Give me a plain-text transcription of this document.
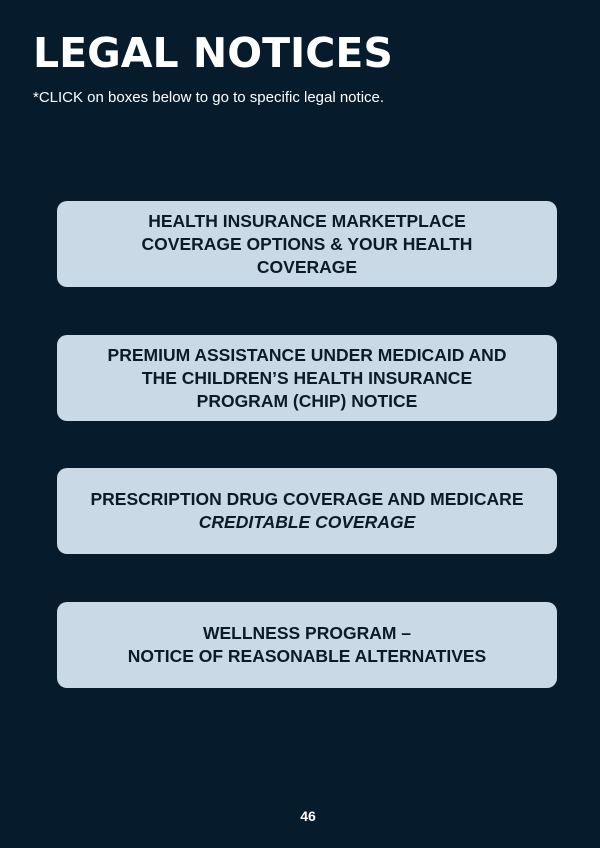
LEGAL NOTICES

*CLICK on boxes below to go to specific legal notice.

HEALTH INSURANCE MARKETPLACE
COVERAGE OPTIONS & YOUR HEALTH
COVERAGE
PREMIUM ASSISTANCE UNDER MEDICAID AND
THE CHILDREN’S HEALTH INSURANCE
PROGRAM (CHIP) NOTICE
PRESCRIPTION DRUG COVERAGE AND MEDICARE
CREDITABLE COVERAGE
WELLNESS PROGRAM –
NOTICE OF REASONABLE ALTERNATIVES
46
